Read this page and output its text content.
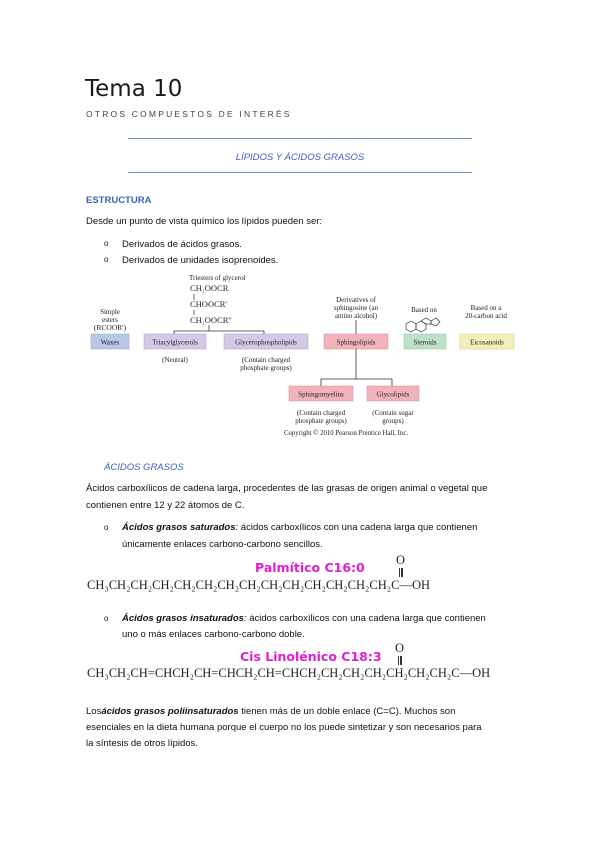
Tema 10
OTROS COMPUESTOS DE INTERÉS
LÍPIDOS Y ÁCIDOS GRASOS
ESTRUCTURA
Desde un punto de vista químico los lípidos pueden ser:
o Derivados de ácidos grasos.
o Derivados de unidades isoprenoides.
Triesters of glycerol
CH₂OOCR
CHOOCR'
CH₂OOCR''
Simple
esters
(RCOOR')
Derivatives of
sphingosine (an
amino alcohol)
Based on	Based on a
20-carbon acid
Waxes	Triacylglycerols	Glycerophospholipids	Sphingolipids	Steroids	Eicosanoids
(Neutral)	(Contain charged
phosphate groups)
Sphingomyelins	Glycolipids
(Contain charged
phosphate groups)
(Contain sugar
groups)
Copyright © 2010 Pearson Prentice Hall, Inc.
ÁCIDOS GRASOS
Ácidos carboxílicos de cadena larga, procedentes de las grasas de origen animal o vegetal que
contienen entre 12 y 22 átomos de C.
o Ácidos grasos saturados: ácidos carboxílicos con una cadena larga que contienen
únicamente enlaces carbono-carbono sencillos.
Palmítico C16:0	O
CH₃CH₂CH₂CH₂CH₂CH₂CH₂CH₂CH₂CH₂CH₂CH₂CH₂CH₂C—OH
o Ácidos grasos insaturados: ácidos carboxílicos con una cadena larga que contienen
uno o más enlaces carbono-carbono doble.
Cis Linolénico C18:3
O
CH₃CH₂CH=CHCH₂CH=CHCH₂CH=CHCH₂CH₂CH₂CH₂CH₂CH₂CH₂C—OH
Losácidos grasos poliinsaturados tienen más de un doble enlace (C=C). Muchos son
esenciales en la dieta humana porque el cuerpo no los puede sintetizar y son necesarios para
la síntesis de otros lípidos.
